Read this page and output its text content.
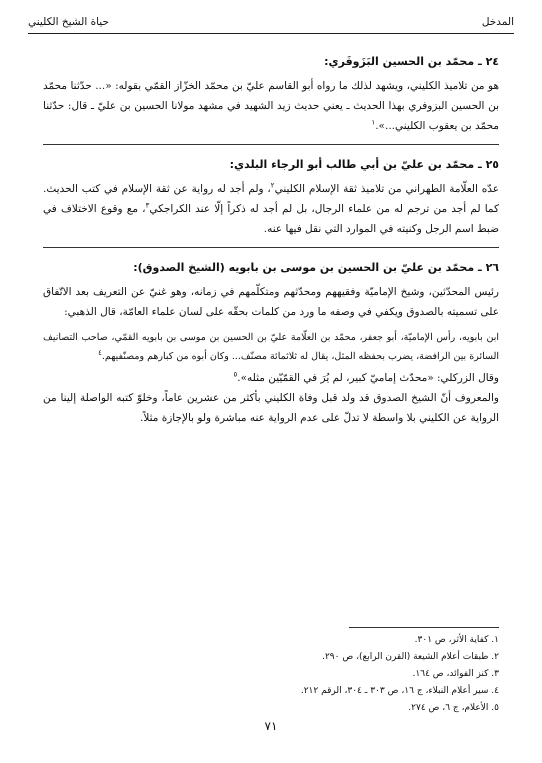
المدخل
حياة الشيخ الكليني
٢٤ ـ محمّد بن الحسين البَزَوفَري:

هو من تلاميذ الكليني، ويشهد لذلك ما رواه أبو القاسم عليّ بن محمّد الخزّاز القمّي بقوله: «... حدّثنا محمّد بن الحسين البزوفري بهذا الحديث ـ يعني حديث زيد الشهيد في مشهد مولانا الحسين بن عليّ ـ قال: حدّثنا محمّد بن يعقوب الكليني...».$^١$

٢٥ ـ محمّد بن عليّ بن أبي طالب أبو الرجاء البلدي:

عدّه العلّامة الطهراني من تلاميذ ثقة الإسلام الكليني$^٢$، ولم أجد له رواية عن ثقة الإسلام في كتب الحديث. كما لم أجد من ترجم له من علماء الرجال، بل لم أجد له ذكراً إلّا عند الكراجكي$^٣$، مع وقوع الاختلاف في ضبط اسم الرجل وكنيته في الموارد التي نقل فيها عنه.

٢٦ ـ محمّد بن عليّ بن الحسين بن موسى بن بابويه (الشيخ الصدوق):

رئيس المحدّثين، وشيخ الإماميّة وفقيههم ومحدّثهم ومتكلّمهم في زمانه، وهو غنيّ عن التعريف بعد الاتّفاق على تسميته بالصدوق ويكفي في وصفه ما ورد من كلمات بحقّه على لسان علماء العامّة، قال الذهبي:

ابن بابويه، رأس الإماميّة، أبو جعفر، محمّد بن العلّامة عليّ بن الحسين بن موسى بن بابويه القمّي، صاحب التصانيف السائرة بين الرافضة، يضرب بحفظه المثل، يقال له ثلاثمائة مصنّف... وكان أبوه من كبارهم ومصنّفيهم.$^٤$

وقال الزركلي: «محدّث إماميّ كبير، لم يُرَ في القمّيّين مثله».$^٥$

والمعروف أنّ الشيخ الصدوق قد ولد قبل وفاة الكليني بأكثر من عشرين عاماً، وخلوّ كتبه الواصلة إلينا من الرواية عن الكليني بلا واسطة لا تدلّ على عدم الرواية عنه مباشرة ولو بالإجازة مثلاً.

١. كفاية الأثر، ص ٣٠١.
٢. طبقات أعلام الشيعة (القرن الرابع)، ص ٢٩٠.
٣. كنز الفوائد، ص ١٦٤.
٤. سير أعلام النبلاء، ج ١٦، ص ٣٠٣ ـ ٣٠٤، الرقم ٢١٢.
٥. الأعلام، ج ٦، ص ٢٧٤.
٧١
